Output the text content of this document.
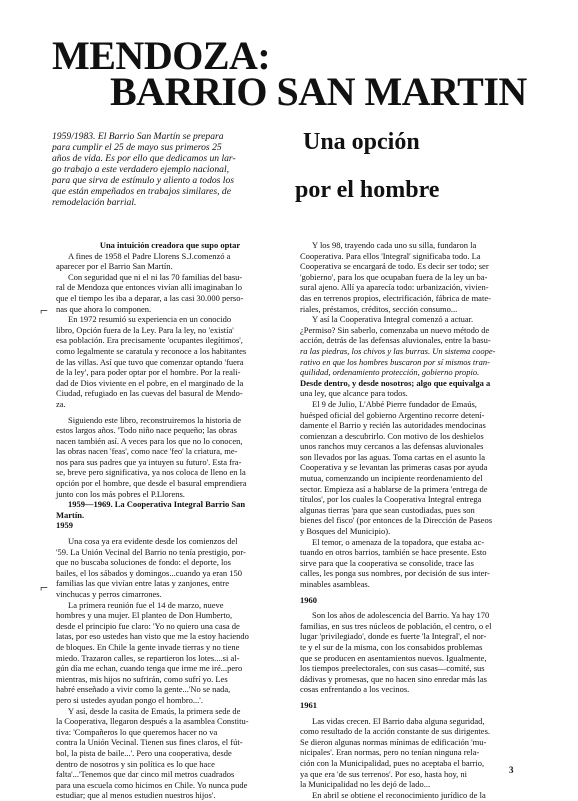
MENDOZA:
BARRIO SAN MARTIN
1959/1983. El Barrio San Martín se prepara
para cumplir el 25 de mayo sus primeros 25
años de vida. Es por ello que dedicamos un lar-
go trabajo a este verdadero ejemplo nacional,
para que sirva de estímulo y aliento a todos los
que están empeñados en trabajos similares, de
remodelación barrial.
Una opción
por el hombre
⌐
⌐
Una intuición creadora que supo optar
A fines de 1958 el Padre Llorens S.J.comenzó a
aparecer por el Barrio San Martín.
Con seguridad que ni el ni las 70 familias del basu-
ral de Mendoza que entonces vivían allí imaginaban lo
que el tiempo les iba a deparar, a las casi 30.000 perso-
nas que ahora lo componen.
En 1972 resumió su experiencia en un conocido
libro, Opción fuera de la Ley. Para la ley, no 'existía'
esa población. Era precisamente 'ocupantes ilegítimos',
como legalmente se caratula y reconoce a los habitantes
de las villas. Así que tuvo que comenzar optando 'fuera
de la ley', para poder optar por el hombre. Por la reali-
dad de Dios viviente en el pobre, en el marginado de la
Ciudad, refugiado en las cuevas del basural de Mendo-
za.
Siguiendo este libro, reconstruiremos la historia de
estos largos años. 'Todo niño nace pequeño; las obras
nacen también así. A veces para los que no lo conocen,
las obras nacen 'feas', como nace 'feo' la criatura, me-
nos para sus padres que ya intuyen su futuro'. Esta fra-
se, breve pero significativa, ya nos coloca de lleno en la
opción por el hombre, que desde el basural emprendiera
junto con los más pobres el P.Llorens.
1959—1969. La Cooperativa Integral Barrio San
Martín.
1959
Una cosa ya era evidente desde los comienzos del
'59. La Unión Vecinal del Barrio no tenía prestigio, por-
que no buscaba soluciones de fondo: el deporte, los
bailes, el los sábados y domingos...cuando ya eran 150
familias las que vivían entre latas y zanjones, entre
vinchucas y perros cimarrones.
La primera reunión fue el 14 de marzo, nueve
hombres y una mujer. El planteo de Don Humberto,
desde el principio fue claro: 'Yo no quiero una casa de
latas, por eso ustedes han visto que me la estoy haciendo
de bloques. En Chile la gente invade tierras y no tiene
miedo. Trazaron calles, se repartieron los lotes....si al-
gún día me echan, cuando tenga que irme me iré...pero
mientras, mis hijos no sufrirán, como sufrí yo. Les
habré enseñado a vivir como la gente...'No se nada,
pero si ustedes ayudan pongo el hombro...'.
Y así, desde la casita de Emaús, la primera sede de
la Cooperativa, llegaron después a la asamblea Constitu-
tiva: 'Compañeros lo que queremos hacer no va
contra la Unión Vecinal. Tienen sus fines claros, el fút-
bol, la pista de baile...'. Pero una cooperativa, desde
dentro de nosotros y sin política es lo que hace
falta'...'Tenemos que dar cinco mil metros cuadrados
para una escuela como hicimos en Chile. Yo nunca pude
estudiar; que al menos estudien nuestros hijos'.
Y los 98, trayendo cada uno su silla, fundaron la
Cooperativa. Para ellos 'Integral' significaba todo. La
Cooperativa se encargará de todo. Es decir ser todo; ser
'gobierno', para los que ocupaban fuera de la ley un ba-
sural ajeno. Allí ya aparecía todo: urbanización, vivien-
das en terrenos propios, electrificación, fábrica de mate-
riales, préstamos, créditos, sección consumo...
Y así la Cooperativa Integral comenzó a actuar.
¿Permiso? Sin saberlo, comenzaba un nuevo método de
acción, detrás de las defensas aluvionales, entre la basu-
ra las piedras, los chivos y las burras. Un sistema coope-
rativo en que los hombres buscaron por sí mismos tran-
quilidad, ordenamiento protección, gobierno propio.
Desde dentro, y desde nosotros; algo que equivalga a
una ley, que alcance para todos.
El 9 de Julio, L'Abbé Pierre fundador de Emaús,
huésped oficial del gobierno Argentino recorre detení-
damente el Barrio y recién las autoridades mendocinas
comienzan a descubrirlo. Con motivo de los deshielos
unos ranchos muy cercanos a las defensas aluvionales
son llevados por las aguas. Toma cartas en el asunto la
Cooperativa y se levantan las primeras casas por ayuda
mutua, comenzando un incipiente reordenamiento del
sector. Empieza así a hablarse de la primera 'entrega de
títulos', por los cuales la Cooperativa Integral entrega
algunas tierras 'para que sean custodiadas, pues son
bienes del fisco' (por entonces de la Dirección de Paseos
y Bosques del Municipio).
El temor, o amenaza de la topadora, que estaba ac-
tuando en otros barrios, también se hace presente. Esto
sirve para que la cooperativa se consolide, trace las
calles, les ponga sus nombres, por decisión de sus inter-
minables asambleas.
1960
Son los años de adolescencia del Barrio. Ya hay 170
familias, en sus tres núcleos de población, el centro, o el
lugar 'privilegiado', donde es fuerte 'la Integral', el nor-
te y el sur de la misma, con los consabidos problemas
que se producen en asentamientos nuevos. Igualmente,
los tiempos preelectorales, con sus casas—comité, sus
dádivas y promesas, que no hacen sino enredar más las
cosas enfrentando a los vecinos.
1961
Las vidas crecen. El Barrio daba alguna seguridad,
como resultado de la acción constante de sus dirigentes.
Se dieron algunas normas mínimas de edificación 'mu-
nicipales'. Eran normas, pero no tenían ninguna rela-
ción con la Municipalidad, pues no aceptaba el barrio,
ya que era 'de sus terrenos'. Por eso, hasta hoy, ni
la Municipalidad no les dejó de lado...
En abril se obtiene el reconocimiento jurídico de la
3
